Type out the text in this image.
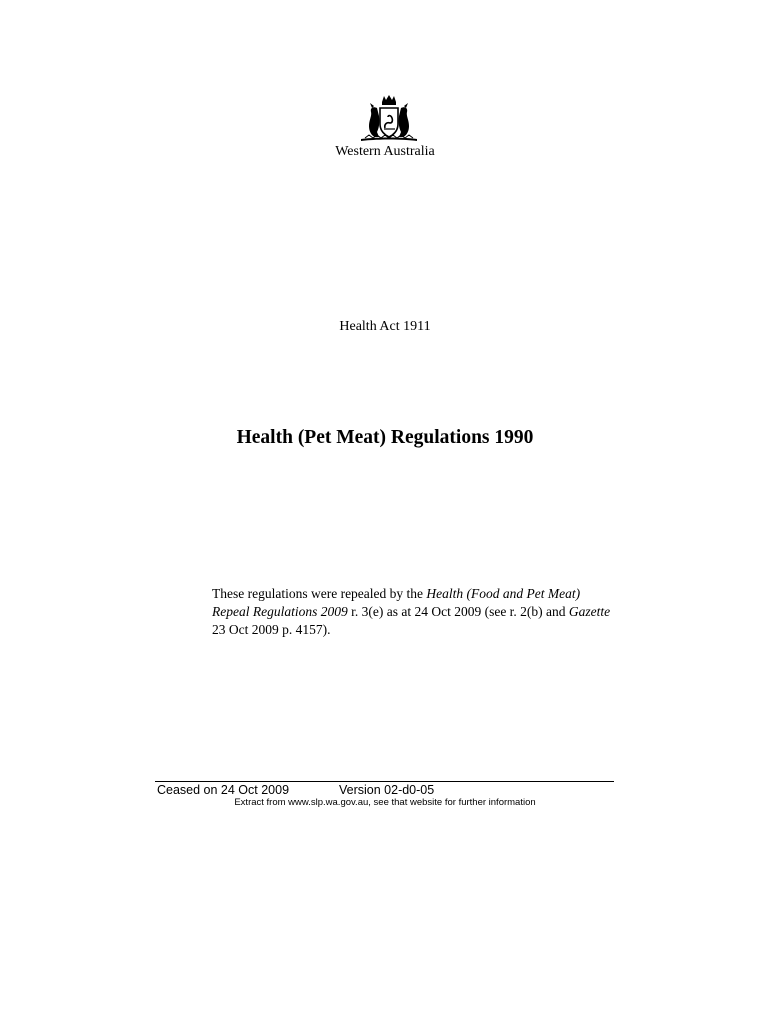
Western Australia
Health Act 1911
Health (Pet Meat) Regulations 1990
These regulations were repealed by the Health (Food and Pet Meat) Repeal Regulations 2009 r. 3(e) as at 24 Oct 2009 (see r. 2(b) and Gazette 23 Oct 2009 p. 4157).
Ceased on 24 Oct 2009	Version 02-d0-05
Extract from www.slp.wa.gov.au, see that website for further information
